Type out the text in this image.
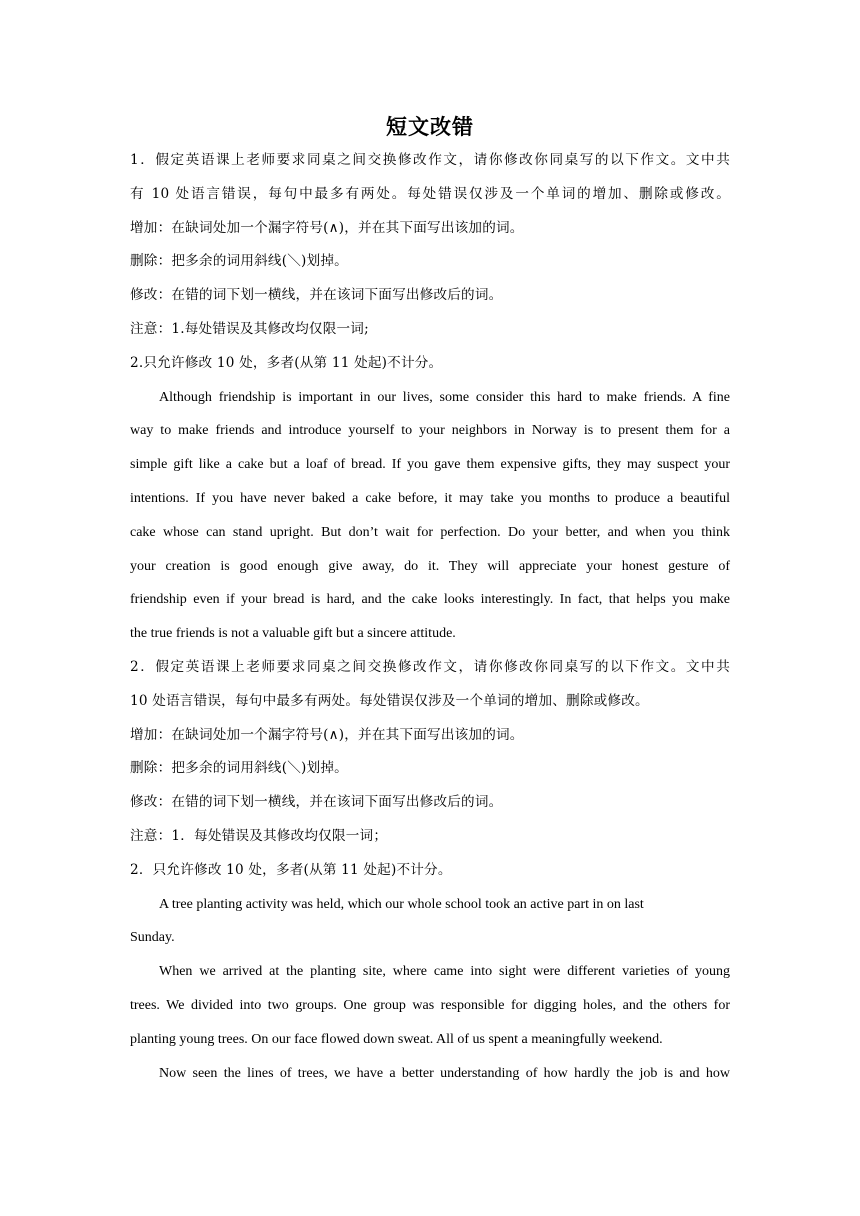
短文改错
1．假定英语课上老师要求同桌之间交换修改作文，请你修改你同桌写的以下作文。文中共
有 10 处语言错误，每句中最多有两处。每处错误仅涉及一个单词的增加、删除或修改。
增加：在缺词处加一个漏字符号(∧)，并在其下面写出该加的词。
删除：把多余的词用斜线(＼)划掉。
修改：在错的词下划一横线，并在该词下面写出修改后的词。
注意：1.每处错误及其修改均仅限一词;
2.只允许修改 10 处，多者(从第 11 处起)不计分。
Although friendship is important in our lives, some consider this hard to make friends. A fine
way to make friends and introduce yourself to your neighbors in Norway is to present them for a
simple gift like a cake but a loaf of bread. If you gave them expensive gifts, they may suspect your
intentions. If you have never baked a cake before, it may take you months to produce a beautiful
cake whose can stand upright. But don’t wait for perfection. Do your better, and when you think
your creation is good enough give away, do it. They will appreciate your honest gesture of
friendship even if your bread is hard, and the cake looks interestingly. In fact, that helps you make
the true friends is not a valuable gift but a sincere attitude.
2．假定英语课上老师要求同桌之间交换修改作文，请你修改你同桌写的以下作文。文中共
10 处语言错误，每句中最多有两处。每处错误仅涉及一个单词的增加、删除或修改。
增加：在缺词处加一个漏字符号(∧)，并在其下面写出该加的词。
删除：把多余的词用斜线(＼)划掉。
修改：在错的词下划一横线，并在该词下面写出修改后的词。
注意：1．每处错误及其修改均仅限一词；
2．只允许修改 10 处，多者(从第 11 处起)不计分。
A tree planting activity was held, which our whole school took an active part in on last
Sunday.
When we arrived at the planting site, where came into sight were different varieties of young
trees. We divided into two groups. One group was responsible for digging holes, and the others for
planting young trees. On our face flowed down sweat. All of us spent a meaningfully weekend.
Now seen the lines of trees, we have a better understanding of how hardly the job is and how
